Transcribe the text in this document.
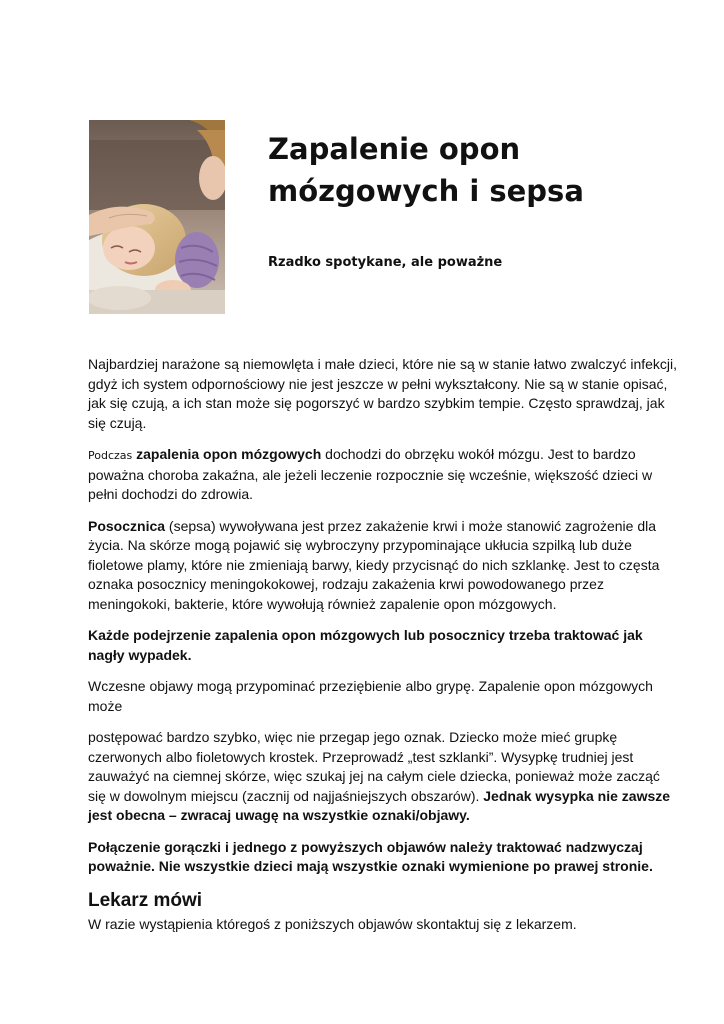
Zapalenie opon mózgowych i sepsa

Rzadko spotykane, ale poważne

Najbardziej narażone są niemowlęta i małe dzieci, które nie są w stanie łatwo zwalczyć infekcji, gdyż ich system odpornościowy nie jest jeszcze w pełni wykształcony. Nie są w stanie opisać, jak się czują, a ich stan może się pogorszyć w bardzo szybkim tempie. Często sprawdzaj, jak się czują.

Podczas zapalenia opon mózgowych dochodzi do obrzęku wokół mózgu. Jest to bardzo poważna choroba zakaźna, ale jeżeli leczenie rozpocznie się wcześnie, większość dzieci w pełni dochodzi do zdrowia.

Posocznica (sepsa) wywoływana jest przez zakażenie krwi i może stanowić zagrożenie dla życia. Na skórze mogą pojawić się wybroczyny przypominające ukłucia szpilką lub duże fioletowe plamy, które nie zmieniają barwy, kiedy przycisnąć do nich szklankę. Jest to częsta oznaka posocznicy meningokokowej, rodzaju zakażenia krwi powodowanego przez meningokoki, bakterie, które wywołują również zapalenie opon mózgowych.

Każde podejrzenie zapalenia opon mózgowych lub posocznicy trzeba traktować jak nagły wypadek.

Wczesne objawy mogą przypominać przeziębienie albo grypę. Zapalenie opon mózgowych może

postępować bardzo szybko, więc nie przegap jego oznak. Dziecko może mieć grupkę czerwonych albo fioletowych krostek. Przeprowadź „test szklanki”. Wysypkę trudniej jest zauważyć na ciemnej skórze, więc szukaj jej na całym ciele dziecka, ponieważ może zacząć się w dowolnym miejscu (zacznij od najjaśniejszych obszarów). Jednak wysypka nie zawsze jest obecna – zwracaj uwagę na wszystkie oznaki/objawy.

Połączenie gorączki i jednego z powyższych objawów należy traktować nadzwyczaj poważnie. Nie wszystkie dzieci mają wszystkie oznaki wymienione po prawej stronie.

Lekarz mówi

W razie wystąpienia któregoś z poniższych objawów skontaktuj się z lekarzem.
